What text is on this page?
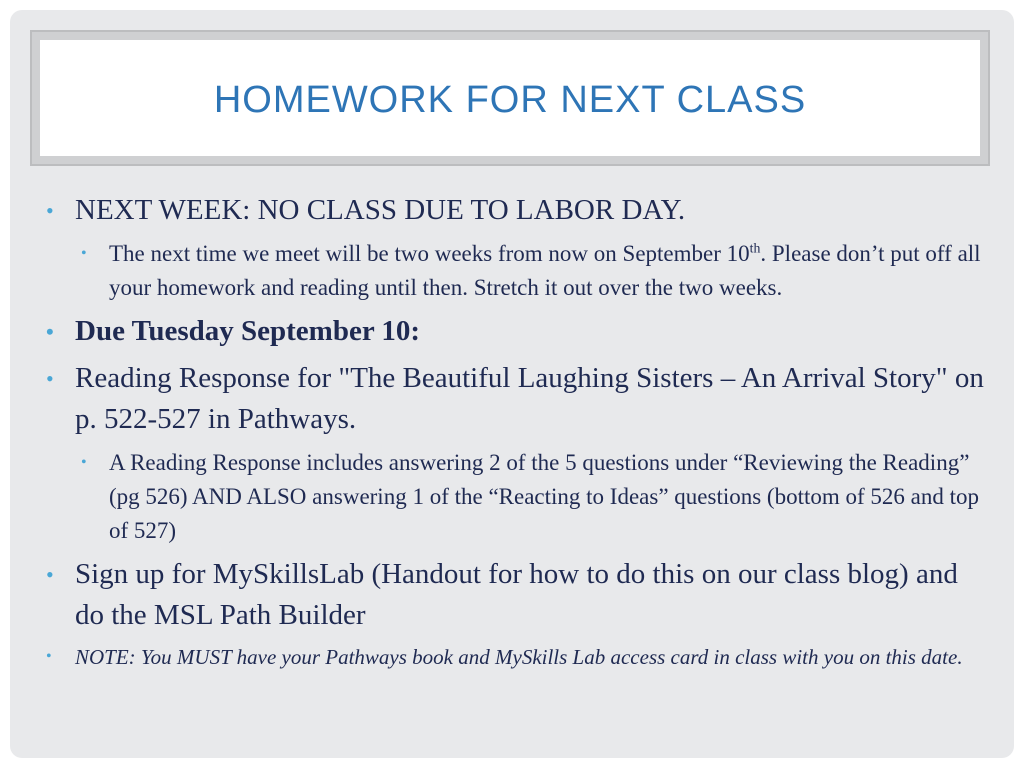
HOMEWORK FOR NEXT CLASS
• NEXT WEEK: NO CLASS DUE TO LABOR DAY.
• The next time we meet will be two weeks from now on September 10th. Please don’t put off all your homework and reading until then. Stretch it out over the two weeks.
• Due Tuesday September 10:
• Reading Response for "The Beautiful Laughing Sisters – An Arrival Story" on p. 522-527 in Pathways.
• A Reading Response includes answering 2 of the 5 questions under “Reviewing the Reading” (pg 526) AND ALSO answering 1 of the “Reacting to Ideas” questions (bottom of 526 and top of 527)
• Sign up for MySkillsLab (Handout for how to do this on our class blog) and do the MSL Path Builder
• NOTE: You MUST have your Pathways book and MySkills Lab access card in class with you on this date.
